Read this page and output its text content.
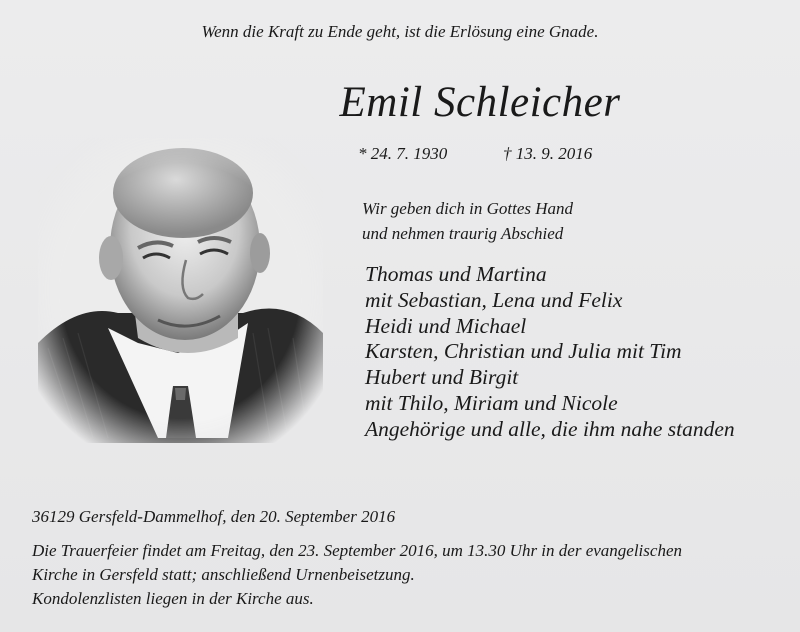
Wenn die Kraft zu Ende geht, ist die Erlösung eine Gnade.
Emil Schleicher
* 24. 7. 1930	† 13. 9. 2016
Wir geben dich in Gottes Hand
und nehmen traurig Abschied
Thomas und Martina
mit Sebastian, Lena und Felix
Heidi und Michael
Karsten, Christian und Julia mit Tim
Hubert und Birgit
mit Thilo, Miriam und Nicole
Angehörige und alle, die ihm nahe standen
36129 Gersfeld-Dammelhof, den 20. September 2016
Die Trauerfeier findet am Freitag, den 23. September 2016, um 13.30 Uhr in der evangelischen
Kirche in Gersfeld statt; anschließend Urnenbeisetzung.
Kondolenzlisten liegen in der Kirche aus.
